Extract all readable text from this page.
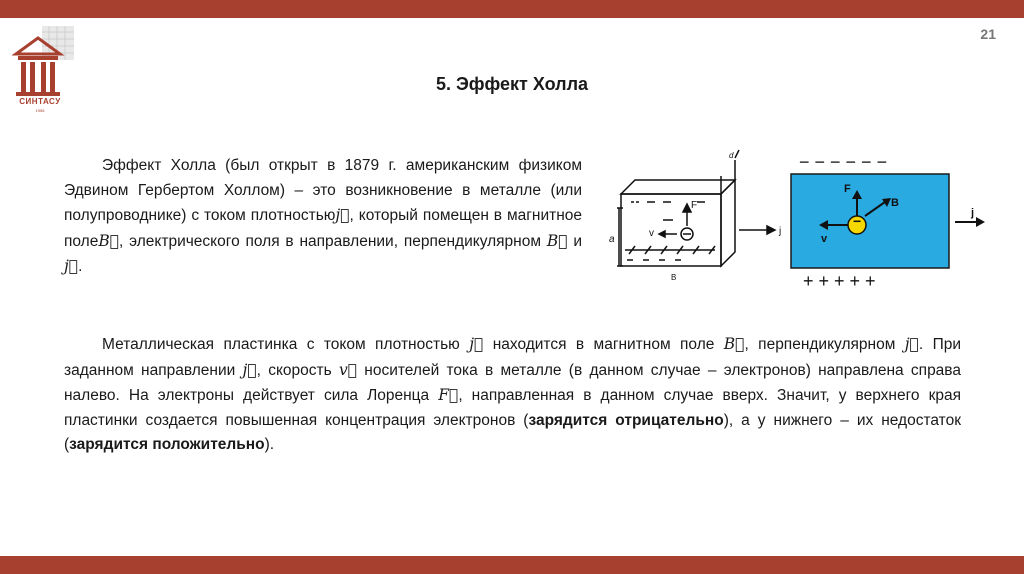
21
СИНТАСУ
1956
5. Эффект Холла
Эффект Холла (был открыт в 1879 г. американским физиком Эдвином Гербертом Холлом) – это возникновение в металле (или полупроводнике) с током плотностьюj⃗, который помещен в магнитное полеB⃗, электрического поля в направлении, перпендикулярном B⃗ и j⃗.
v
F
j
a
d
B
− − − − − −
+ + + + +
−
F
B
v
j
Металлическая пластинка с током плотностью j⃗ находится в магнитном поле B⃗, перпендикулярном j⃗. При заданном направлении j⃗, скорость v⃗ носителей тока в металле (в данном случае – электронов) направлена справа налево. На электроны действует сила Лоренца F⃗, направленная в данном случае вверх. Значит, у верхнего края пластинки создается повышенная концентрация электронов (зарядится отрицательно), а у нижнего – их недостаток (зарядится положительно).
